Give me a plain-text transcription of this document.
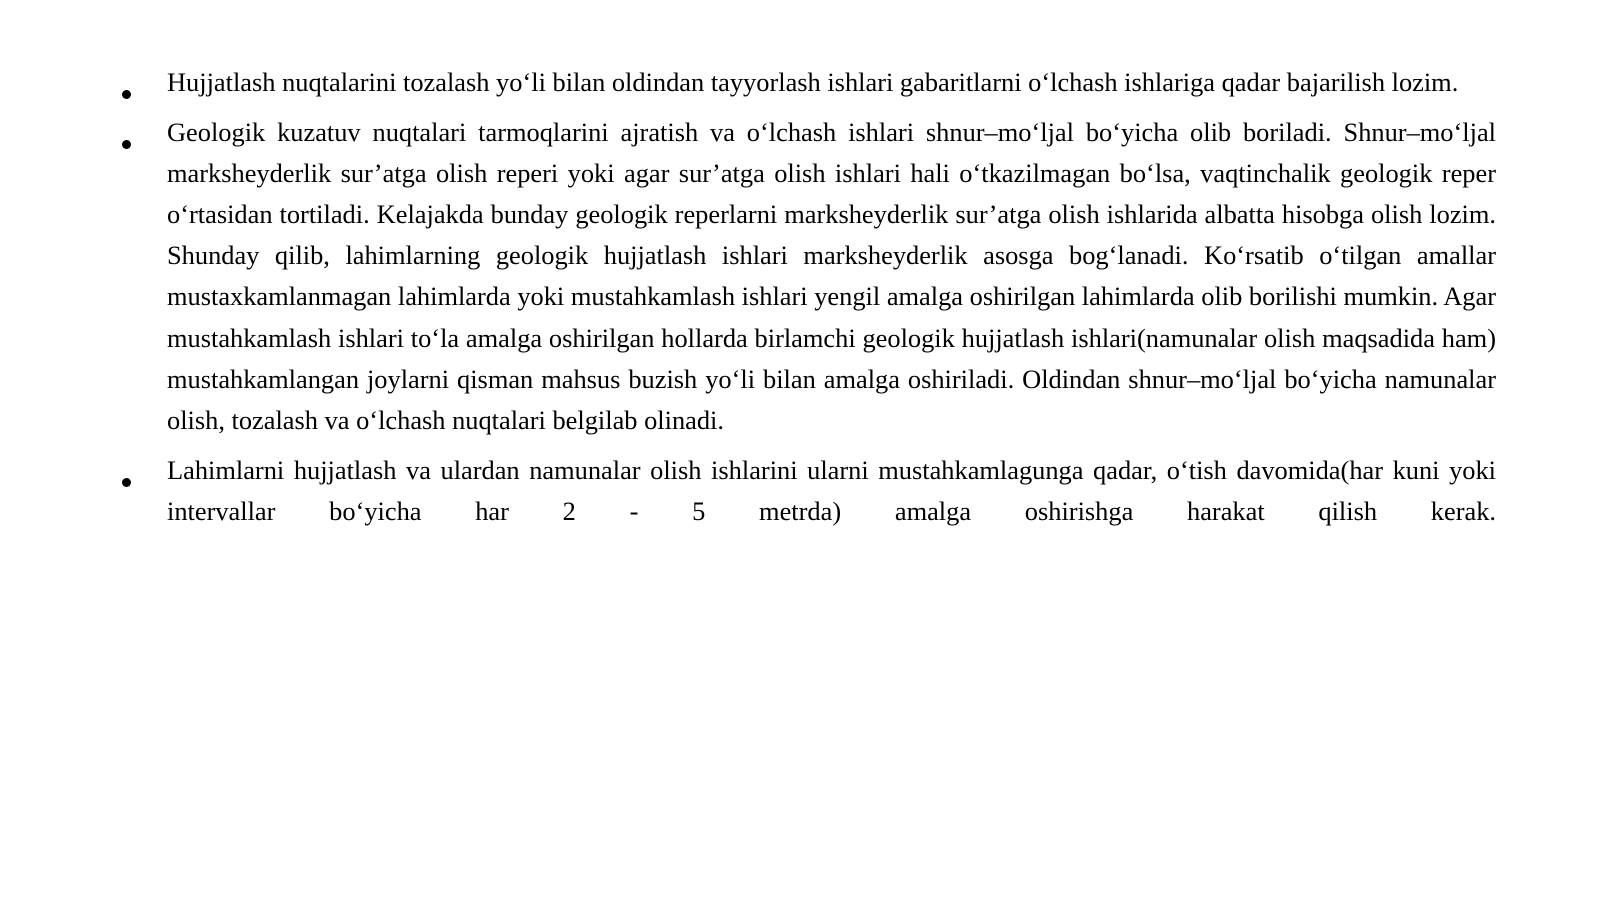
Hujjatlash nuqtalarini tozalash yo‘li bilan oldindan tayyorlash ishlari gabaritlarni o‘lchash ishlariga qadar bajarilish lozim.
Geologik kuzatuv nuqtalari tarmoqlarini ajratish va o‘lchash ishlari shnur–mo‘ljal bo‘yicha olib boriladi. Shnur–mo‘ljal marksheyderlik sur’atga olish reperi yoki agar sur’atga olish ishlari hali o‘tkazilmagan bo‘lsa, vaqtinchalik geologik reper o‘rtasidan tortiladi. Kelajakda bunday geologik reperlarni marksheyderlik sur’atga olish ishlarida albatta hisobga olish lozim. Shunday qilib, lahimlarning geologik hujjatlash ishlari marksheyderlik asosga bog‘lanadi. Ko‘rsatib o‘tilgan amallar mustaxkamlanmagan lahimlarda yoki mustahkamlash ishlari yengil amalga oshirilgan lahimlarda olib borilishi mumkin. Agar mustahkamlash ishlari to‘la amalga oshirilgan hollarda birlamchi geologik hujjatlash ishlari(namunalar olish maqsadida ham) mustahkamlangan joylarni qisman mahsus buzish yo‘li bilan amalga oshiriladi. Oldindan shnur–mo‘ljal bo‘yicha namunalar olish, tozalash va o‘lchash nuqtalari belgilab olinadi.
Lahimlarni hujjatlash va ulardan namunalar olish ishlarini ularni mustahkamlagunga qadar, o‘tish davomida(har kuni yoki intervallar bo‘yicha har 2 - 5 metrda) amalga oshirishga harakat qilish kerak.
